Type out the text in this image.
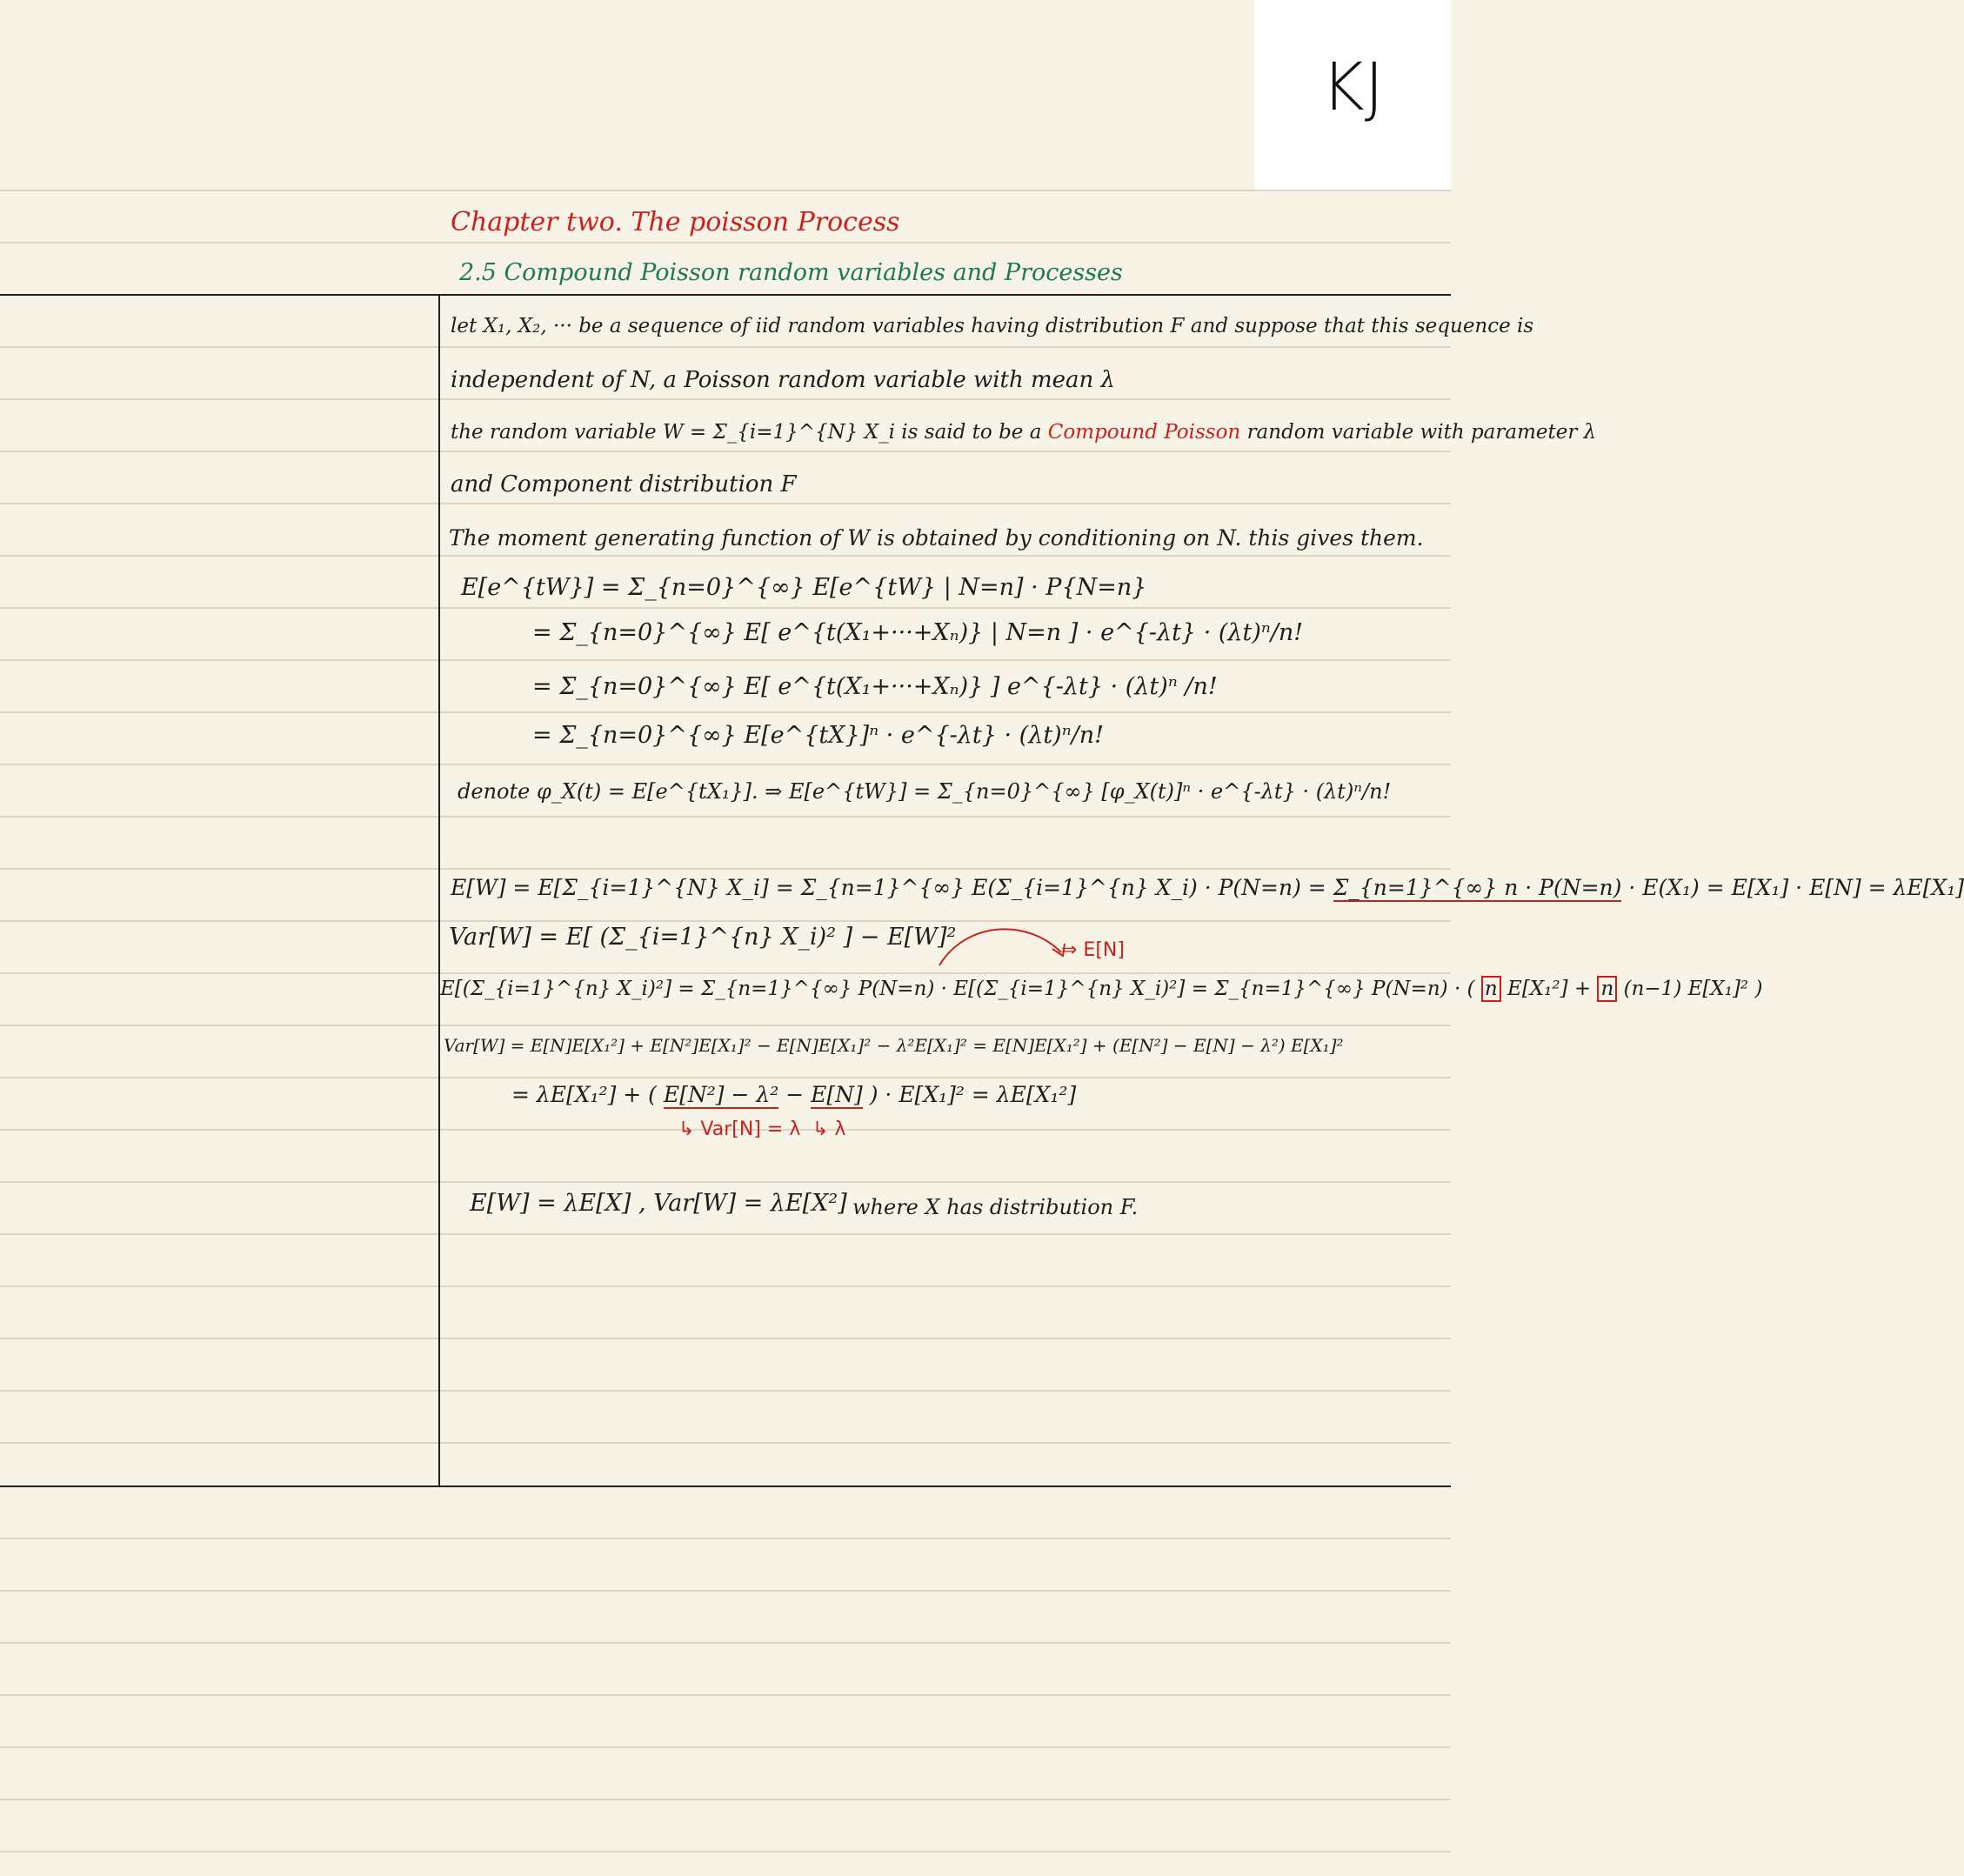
KJ
Chapter two. The poisson Process
2.5 Compound Poisson random variables and Processes
let X₁, X₂, ··· be a sequence of iid random variables having distribution F and suppose that this sequence is
independent of N, a Poisson random variable with mean λ
the random variable W = Σ_{i=1}^{N} X_i is said to be a Compound Poisson random variable with parameter λ
and Component distribution F
The moment generating function of W is obtained by conditioning on N. this gives them.
E[e^{tW}] = Σ_{n=0}^{∞} E[e^{tW} | N=n] · P{N=n}
= Σ_{n=0}^{∞} E[ e^{t(X₁+···+Xₙ)} | N=n ] · e^{-λt} · (λt)ⁿ/n!
= Σ_{n=0}^{∞} E[ e^{t(X₁+···+Xₙ)} ] e^{-λt} · (λt)ⁿ /n!
= Σ_{n=0}^{∞} E[e^{tX}]ⁿ · e^{-λt} · (λt)ⁿ/n!
denote φ_X(t) = E[e^{tX₁}]. ⇒ E[e^{tW}] = Σ_{n=0}^{∞} [φ_X(t)]ⁿ · e^{-λt} · (λt)ⁿ/n!
E[W] = E[Σ_{i=1}^{N} X_i] = Σ_{n=1}^{∞} E(Σ_{i=1}^{n} X_i) · P(N=n) = Σ_{n=1}^{∞} n · P(N=n) · E(X₁) = E[X₁] · E[N] = λE[X₁]
Var[W] = E[ (Σ_{i=1}^{n} X_i)² ] − E[W]²	⇒ E[N]
E[(Σ_{i=1}^{n} X_i)²] = Σ_{n=1}^{∞} P(N=n) · E[(Σ_{i=1}^{n} X_i)²] = Σ_{n=1}^{∞} P(N=n) · ( n E[X₁²] + n (n−1) E[X₁]² )
Var[W] = E[N]E[X₁²] + E[N²]E[X₁]² − E[N]E[X₁]² − λ²E[X₁]² = E[N]E[X₁²] + (E[N²] − E[N] − λ²) E[X₁]²
= λE[X₁²] + ( E[N²] − λ² − E[N] ) · E[X₁]² = λE[X₁²]
↳ Var[N] = λ ↳ λ
E[W] = λE[X] , Var[W] = λE[X²] where X has distribution F.
